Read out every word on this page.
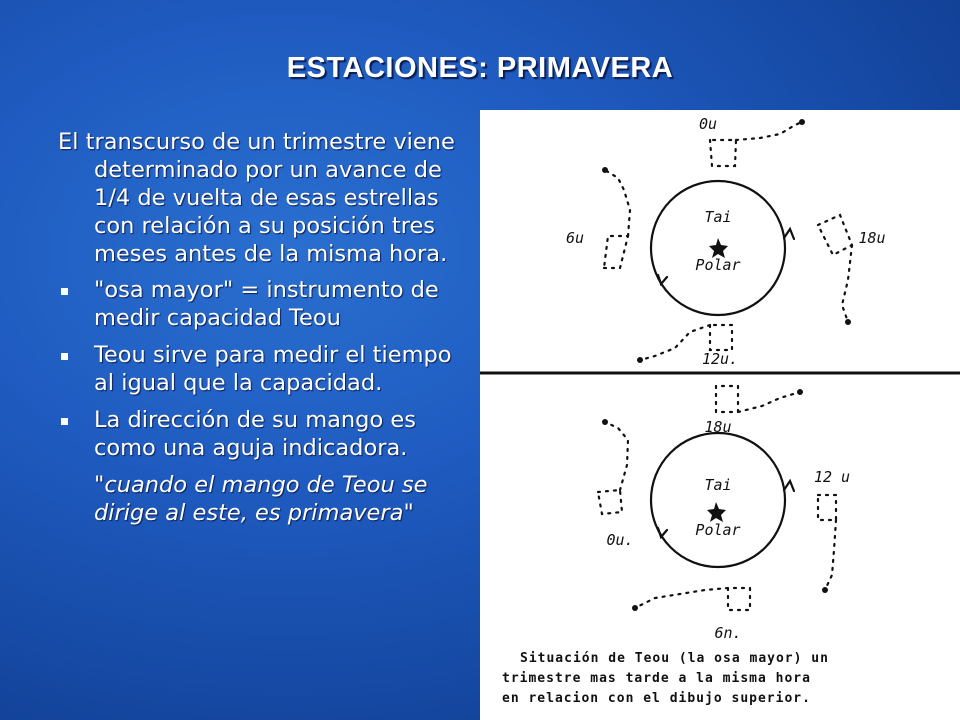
ESTACIONES: PRIMAVERA

El transcurso de un trimestre viene determinado por un avance de 1/4 de vuelta de esas estrellas con relación a su posición tres meses antes de la misma hora.

"osa mayor" = instrumento de medir capacidad Teou
Teou sirve para medir el tiempo al igual que la capacidad.
La dirección de su mango es como una aguja indicadora.

"cuando el mango de Teou se dirige al este, es primavera"

Tai
Polar
0u
6u	18u
12u.
Tai
Polar
18u
0u.
12 u
6n.
Situación de Teou (la osa mayor) un
trimestre mas tarde a la misma hora
en relacion con el dibujo superior.
